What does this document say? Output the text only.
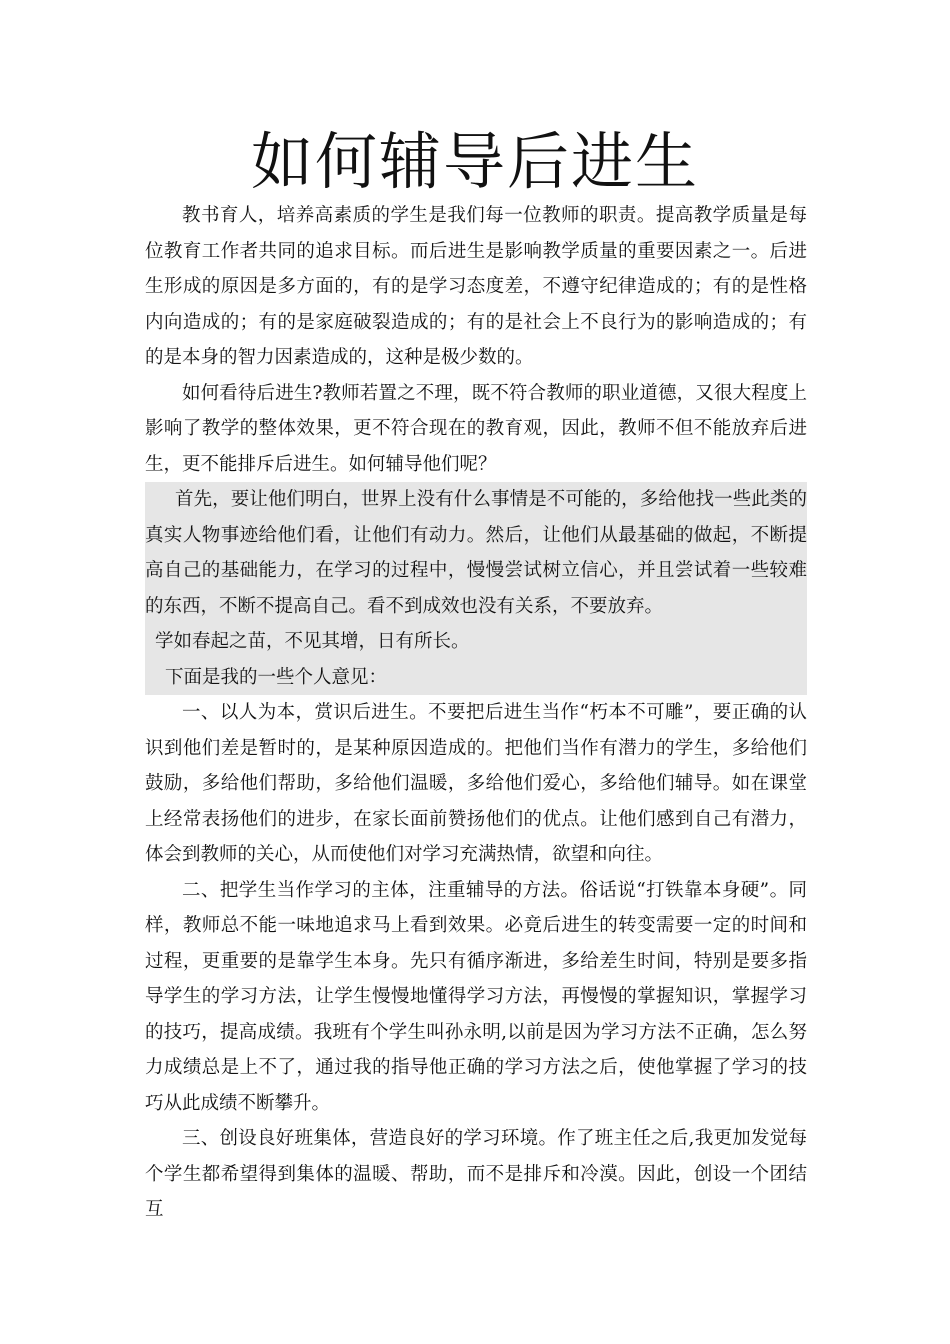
如何辅导后进生

教书育人，培养高素质的学生是我们每一位教师的职责。提高教学质量是每位教育工作者共同的追求目标。而后进生是影响教学质量的重要因素之一。后进生形成的原因是多方面的，有的是学习态度差，不遵守纪律造成的；有的是性格内向造成的；有的是家庭破裂造成的；有的是社会上不良行为的影响造成的；有的是本身的智力因素造成的，这种是极少数的。

如何看待后进生?教师若置之不理，既不符合教师的职业道德，又很大程度上影响了教学的整体效果，更不符合现在的教育观，因此，教师不但不能放弃后进生，更不能排斥后进生。如何辅导他们呢？

首先，要让他们明白，世界上没有什么事情是不可能的，多给他找一些此类的真实人物事迹给他们看，让他们有动力。然后，让他们从最基础的做起，不断提高自己的基础能力，在学习的过程中，慢慢尝试树立信心，并且尝试着一些较难的东西，不断不提高自己。看不到成效也没有关系，不要放弃。

学如春起之苗，不见其增，日有所长。

下面是我的一些个人意见：

一、以人为本，赏识后进生。不要把后进生当作“朽本不可雕”，要正确的认识到他们差是暂时的，是某种原因造成的。把他们当作有潜力的学生，多给他们鼓励，多给他们帮助，多给他们温暖，多给他们爱心，多给他们辅导。如在课堂上经常表扬他们的进步，在家长面前赞扬他们的优点。让他们感到自己有潜力，体会到教师的关心，从而使他们对学习充满热情，欲望和向往。

二、把学生当作学习的主体，注重辅导的方法。俗话说“打铁靠本身硬”。同样，教师总不能一味地追求马上看到效果。必竟后进生的转变需要一定的时间和过程，更重要的是靠学生本身。先只有循序渐进，多给差生时间，特别是要多指导学生的学习方法，让学生慢慢地懂得学习方法，再慢慢的掌握知识，掌握学习的技巧，提高成绩。我班有个学生叫孙永明,以前是因为学习方法不正确，怎么努力成绩总是上不了，通过我的指导他正确的学习方法之后，使他掌握了学习的技巧从此成绩不断攀升。

三、创设良好班集体，营造良好的学习环境。作了班主任之后,我更加发觉每个学生都希望得到集体的温暖、帮助，而不是排斥和冷漠。因此，创设一个团结互
